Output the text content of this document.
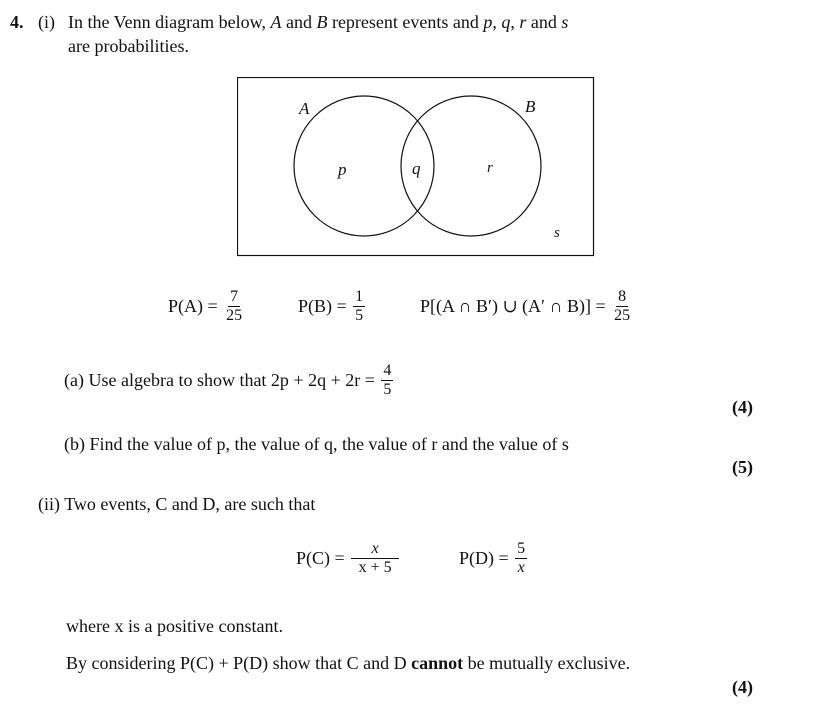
4. (i) In the Venn diagram below, A and B represent events and p, q, r and s
are probabilities.
A	B
p	q	r
s
$P(A) = \frac{7}{25}$	$P(B) = \frac{1}{5}$	P[(A ∩ B′) ∪ (A′ ∩ $B)] = \frac{8}{25}$
(a) Use algebra to show that $2p + 2q + 2r = \frac{4}{5}$
(4)
(b) Find the value of p, the value of q, the value of r and the value of s
(5)
(ii) Two events, C and D, are such that
$P(C) = \frac{x}{x + 5}$	$P(D) = \frac{5}{x}$
where x is a positive constant.
By considering P(C) + P(D) show that C and D cannot be mutually exclusive.
(4)
